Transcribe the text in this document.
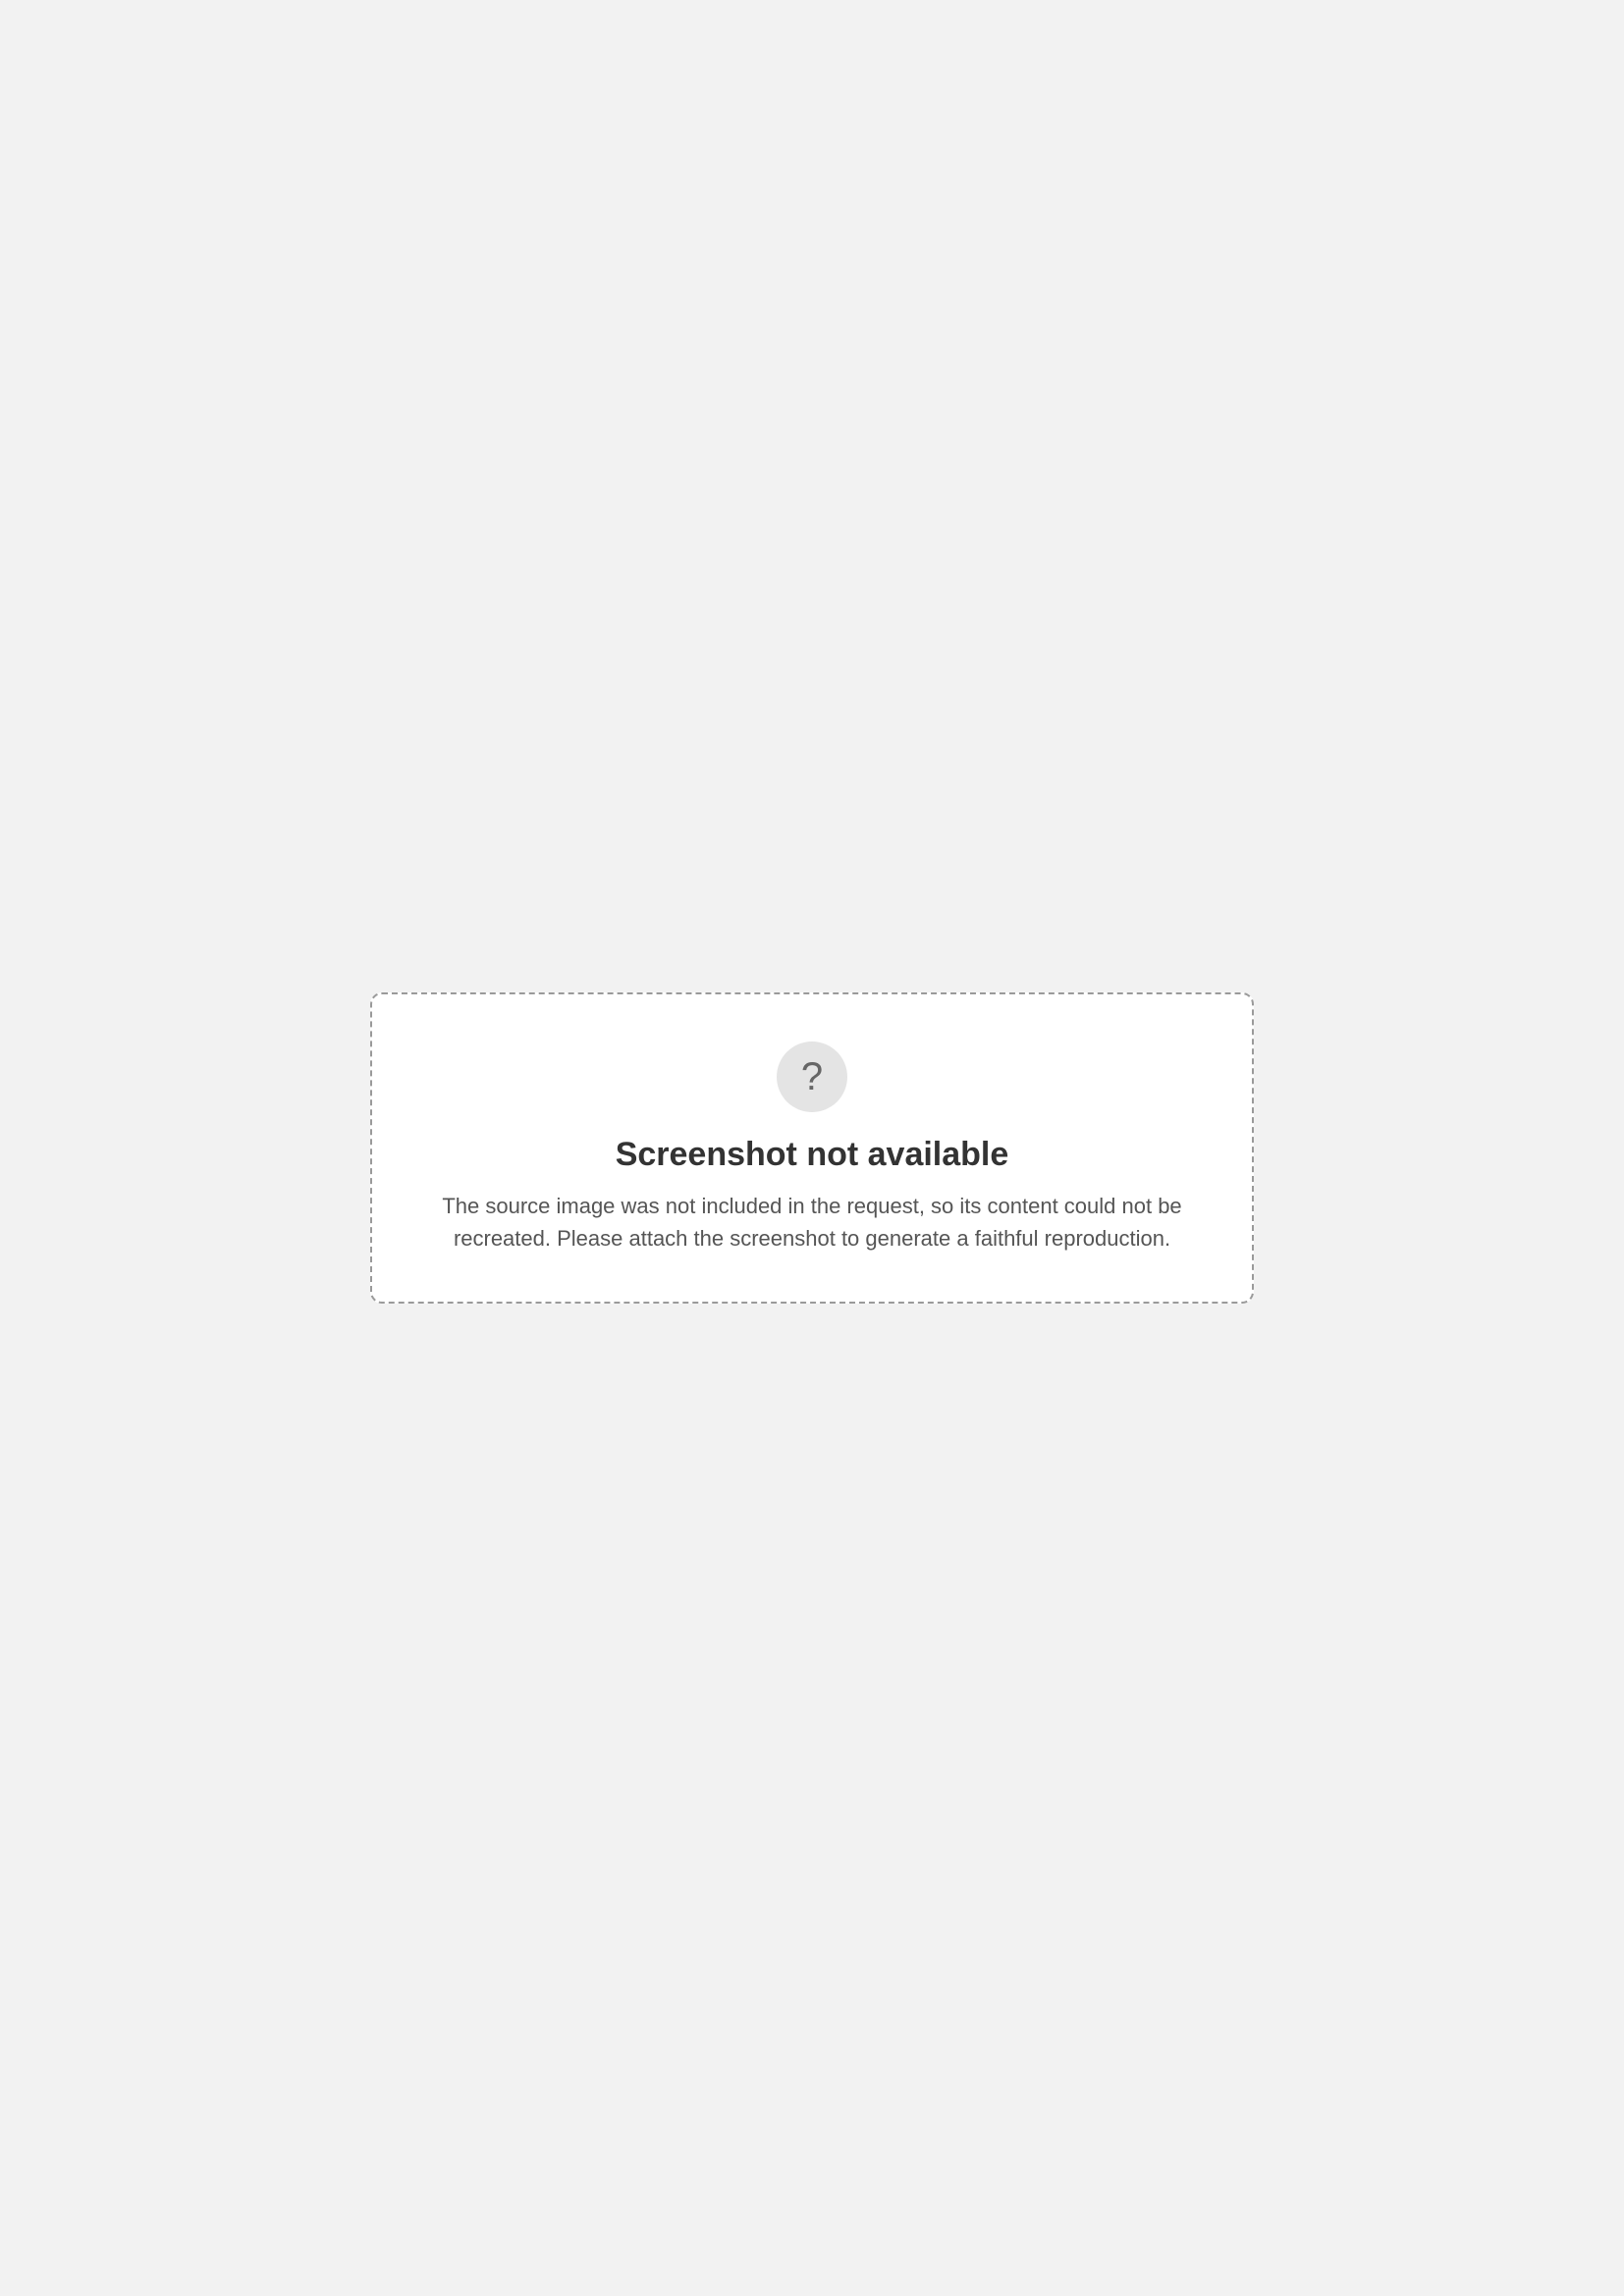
?
Screenshot not available

The source image was not included in the request, so its content could not be recreated. Please attach the screenshot to generate a faithful reproduction.
